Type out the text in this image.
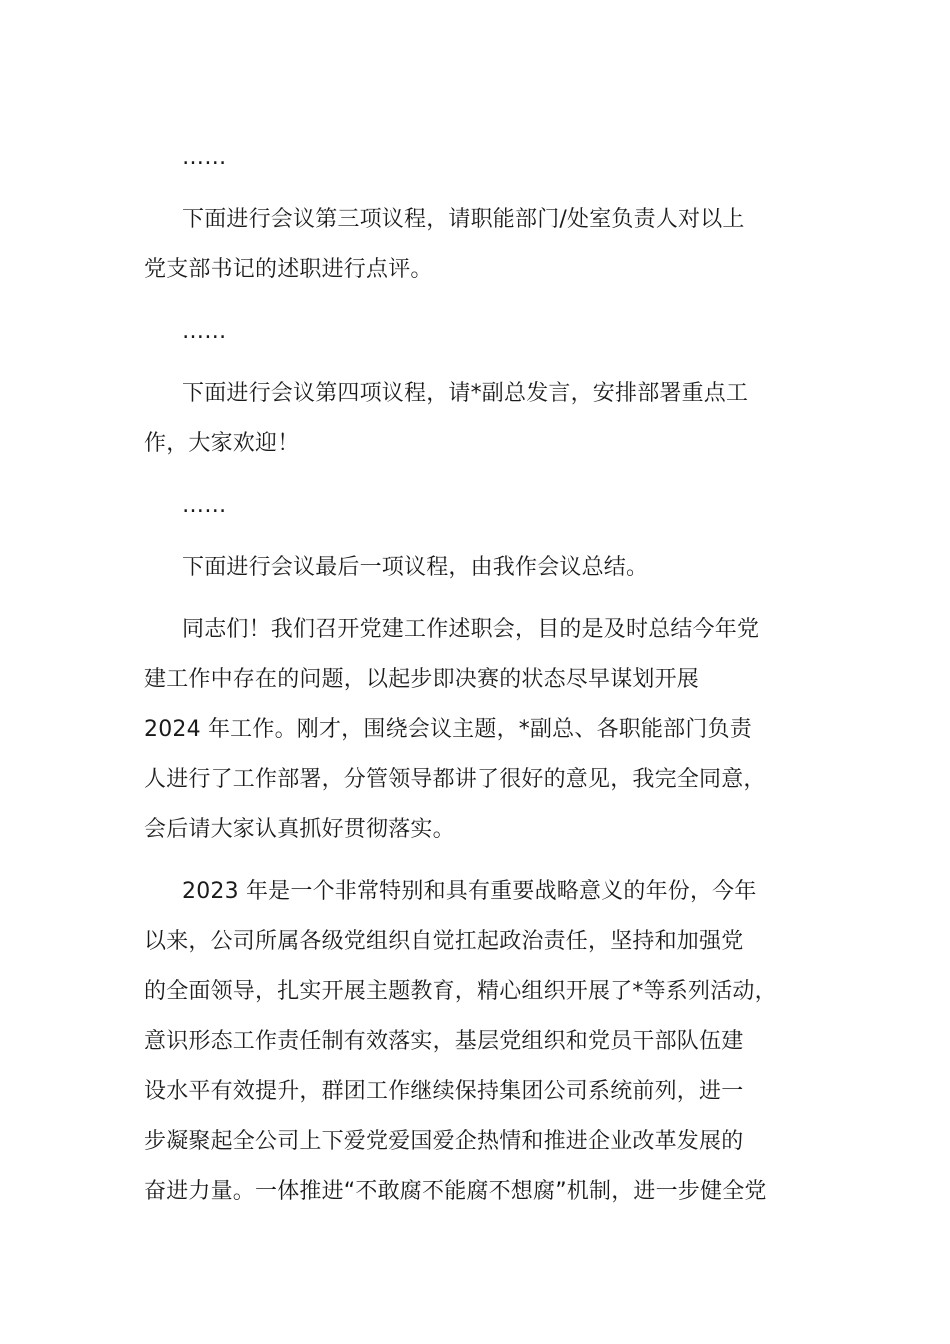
……
下面进行会议第三项议程，请职能部门/处室负责人对以上
党支部书记的述职进行点评。
……
下面进行会议第四项议程，请*副总发言，安排部署重点工
作，大家欢迎！
……
下面进行会议最后一项议程，由我作会议总结。
同志们！我们召开党建工作述职会，目的是及时总结今年党
建工作中存在的问题，以起步即决赛的状态尽早谋划开展
2024 年工作。刚才，围绕会议主题，*副总、各职能部门负责
人进行了工作部署，分管领导都讲了很好的意见，我完全同意，
会后请大家认真抓好贯彻落实。
2023 年是一个非常特别和具有重要战略意义的年份，今年
以来，公司所属各级党组织自觉扛起政治责任，坚持和加强党
的全面领导，扎实开展主题教育，精心组织开展了*等系列活动，
意识形态工作责任制有效落实，基层党组织和党员干部队伍建
设水平有效提升，群团工作继续保持集团公司系统前列，进一
步凝聚起全公司上下爱党爱国爱企热情和推进企业改革发展的
奋进力量。一体推进“不敢腐不能腐不想腐”机制，进一步健全党
